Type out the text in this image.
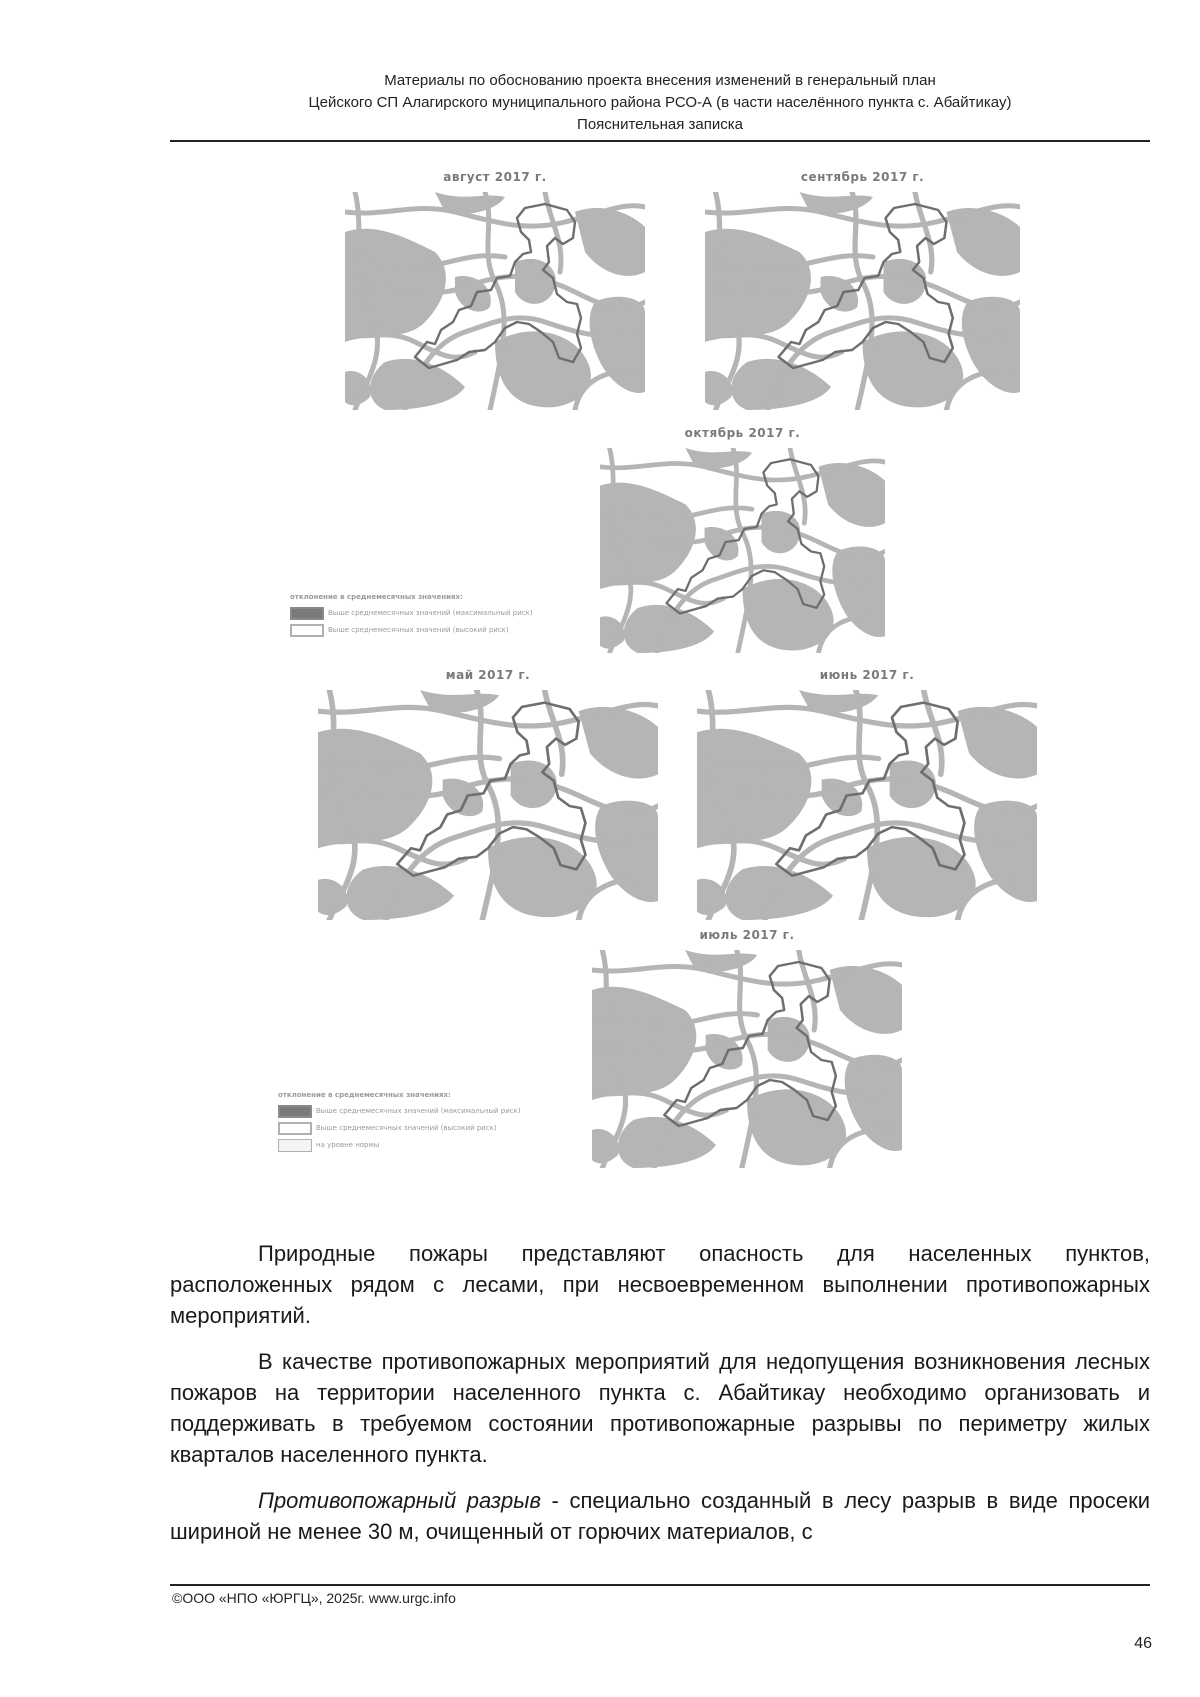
Материалы по обоснованию проекта внесения изменений в генеральный план
Цейского СП Алагирского муниципального района РСО-А (в части населённого пункта с. Абайтикау)
Пояснительная записка
август 2017 г.	сентябрь 2017 г.
октябрь 2017 г.
май 2017 г.	июнь 2017 г.
июль 2017 г.
отклонение в среднемесячных значениях:
Выше среднемесячных значений (максимальный риск)
Выше среднемесячных значений (высокий риск)
отклонение в среднемесячных значениях:
Выше среднемесячных значений (максимальный риск)
Выше среднемесячных значений (высокий риск)
на уровне нормы

Природные пожары представляют опасность для населенных пунктов, расположенных рядом с лесами, при несвоевременном выполнении противопожарных мероприятий.

В качестве противопожарных мероприятий для недопущения возникновения лесных пожаров на территории населенного пункта с. Абайтикау необходимо организовать и поддерживать в требуемом состоянии противопожарные разрывы по периметру жилых кварталов населенного пункта.

Противопожарный разрыв - специально созданный в лесу разрыв в виде просеки шириной не менее 30 м, очищенный от горючих материалов, с

©ООО «НПО «ЮРГЦ», 2025г. www.urgc.info
46
